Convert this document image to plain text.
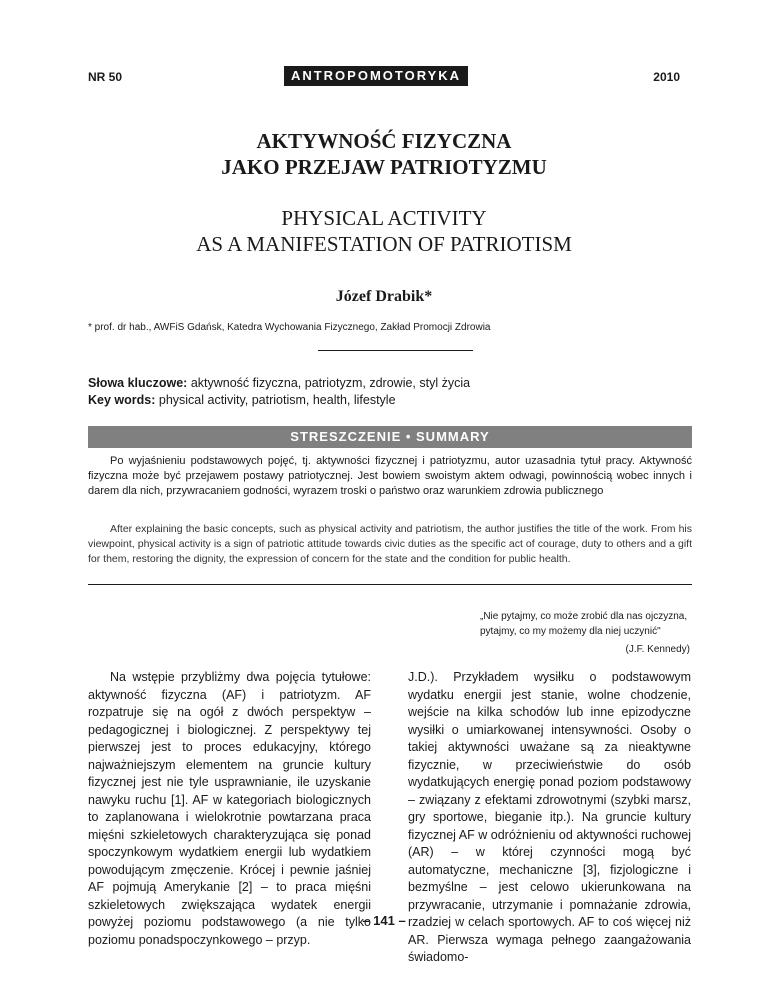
NR 50	ANTROPOMOTORYKA	2010
AKTYWNOŚĆ FIZYCZNA
JAKO PRZEJAW PATRIOTYZMU
PHYSICAL ACTIVITY
AS A MANIFESTATION OF PATRIOTISM
Józef Drabik*
* prof. dr hab., AWFiS Gdańsk, Katedra Wychowania Fizycznego, Zakład Promocji Zdrowia
Słowa kluczowe: aktywność fizyczna, patriotyzm, zdrowie, styl życia
Key words: physical activity, patriotism, health, lifestyle
STRESZCZENIE • SUMMARY
Po wyjaśnieniu podstawowych pojęć, tj. aktywności fizycznej i patriotyzmu, autor uzasadnia tytuł pracy. Aktywność fizyczna może być przejawem postawy patriotycznej. Jest bowiem swoistym aktem odwagi, powinnością wobec innych i darem dla nich, przywracaniem godności, wyrazem troski o państwo oraz warunkiem zdrowia publicznego
After explaining the basic concepts, such as physical activity and patriotism, the author justifies the title of the work. From his viewpoint, physical activity is a sign of patriotic attitude towards civic duties as the specific act of courage, duty to others and a gift for them, restoring the dignity, the expression of concern for the state and the condition for public health.
„Nie pytajmy, co może zrobić dla nas ojczyzna,
pytajmy, co my możemy dla niej uczynić"
(J.F. Kennedy)
Na wstępie przybliżmy dwa pojęcia tytułowe: aktywność fizyczna (AF) i patriotyzm. AF rozpatruje się na ogół z dwóch perspektyw – pedagogicznej i biologicznej. Z perspektywy tej pierwszej jest to proces edukacyjny, którego najważniejszym elementem na gruncie kultury fizycznej jest nie tyle usprawnianie, ile uzyskanie nawyku ruchu [1]. AF w kategoriach biologicznych to zaplanowana i wielokrotnie powtarzana praca mięśni szkieletowych charakteryzująca się ponad spoczynkowym wydatkiem energii lub wydatkiem powodującym zmęczenie. Krócej i pewnie jaśniej AF pojmują Amerykanie [2] – to praca mięśni szkieletowych zwiększająca wydatek energii powyżej poziomu podstawowego (a nie tylko poziomu ponadspoczynkowego – przyp.
J.D.). Przykładem wysiłku o podstawowym wydatku energii jest stanie, wolne chodzenie, wejście na kilka schodów lub inne epizodyczne wysiłki o umiarkowanej intensywności. Osoby o takiej aktywności uważane są za nieaktywne fizycznie, w przeciwieństwie do osób wydatkujących energię ponad poziom podstawowy – związany z efektami zdrowotnymi (szybki marsz, gry sportowe, bieganie itp.). Na gruncie kultury fizycznej AF w odróżnieniu od aktywności ruchowej (AR) – w której czynności mogą być automatyczne, mechaniczne [3], fizjologiczne i bezmyślne – jest celowo ukierunkowana na przywracanie, utrzymanie i pomnażanie zdrowia, rzadziej w celach sportowych. AF to coś więcej niż AR. Pierwsza wymaga pełnego zaangażowania świadomo-
– 141 –
